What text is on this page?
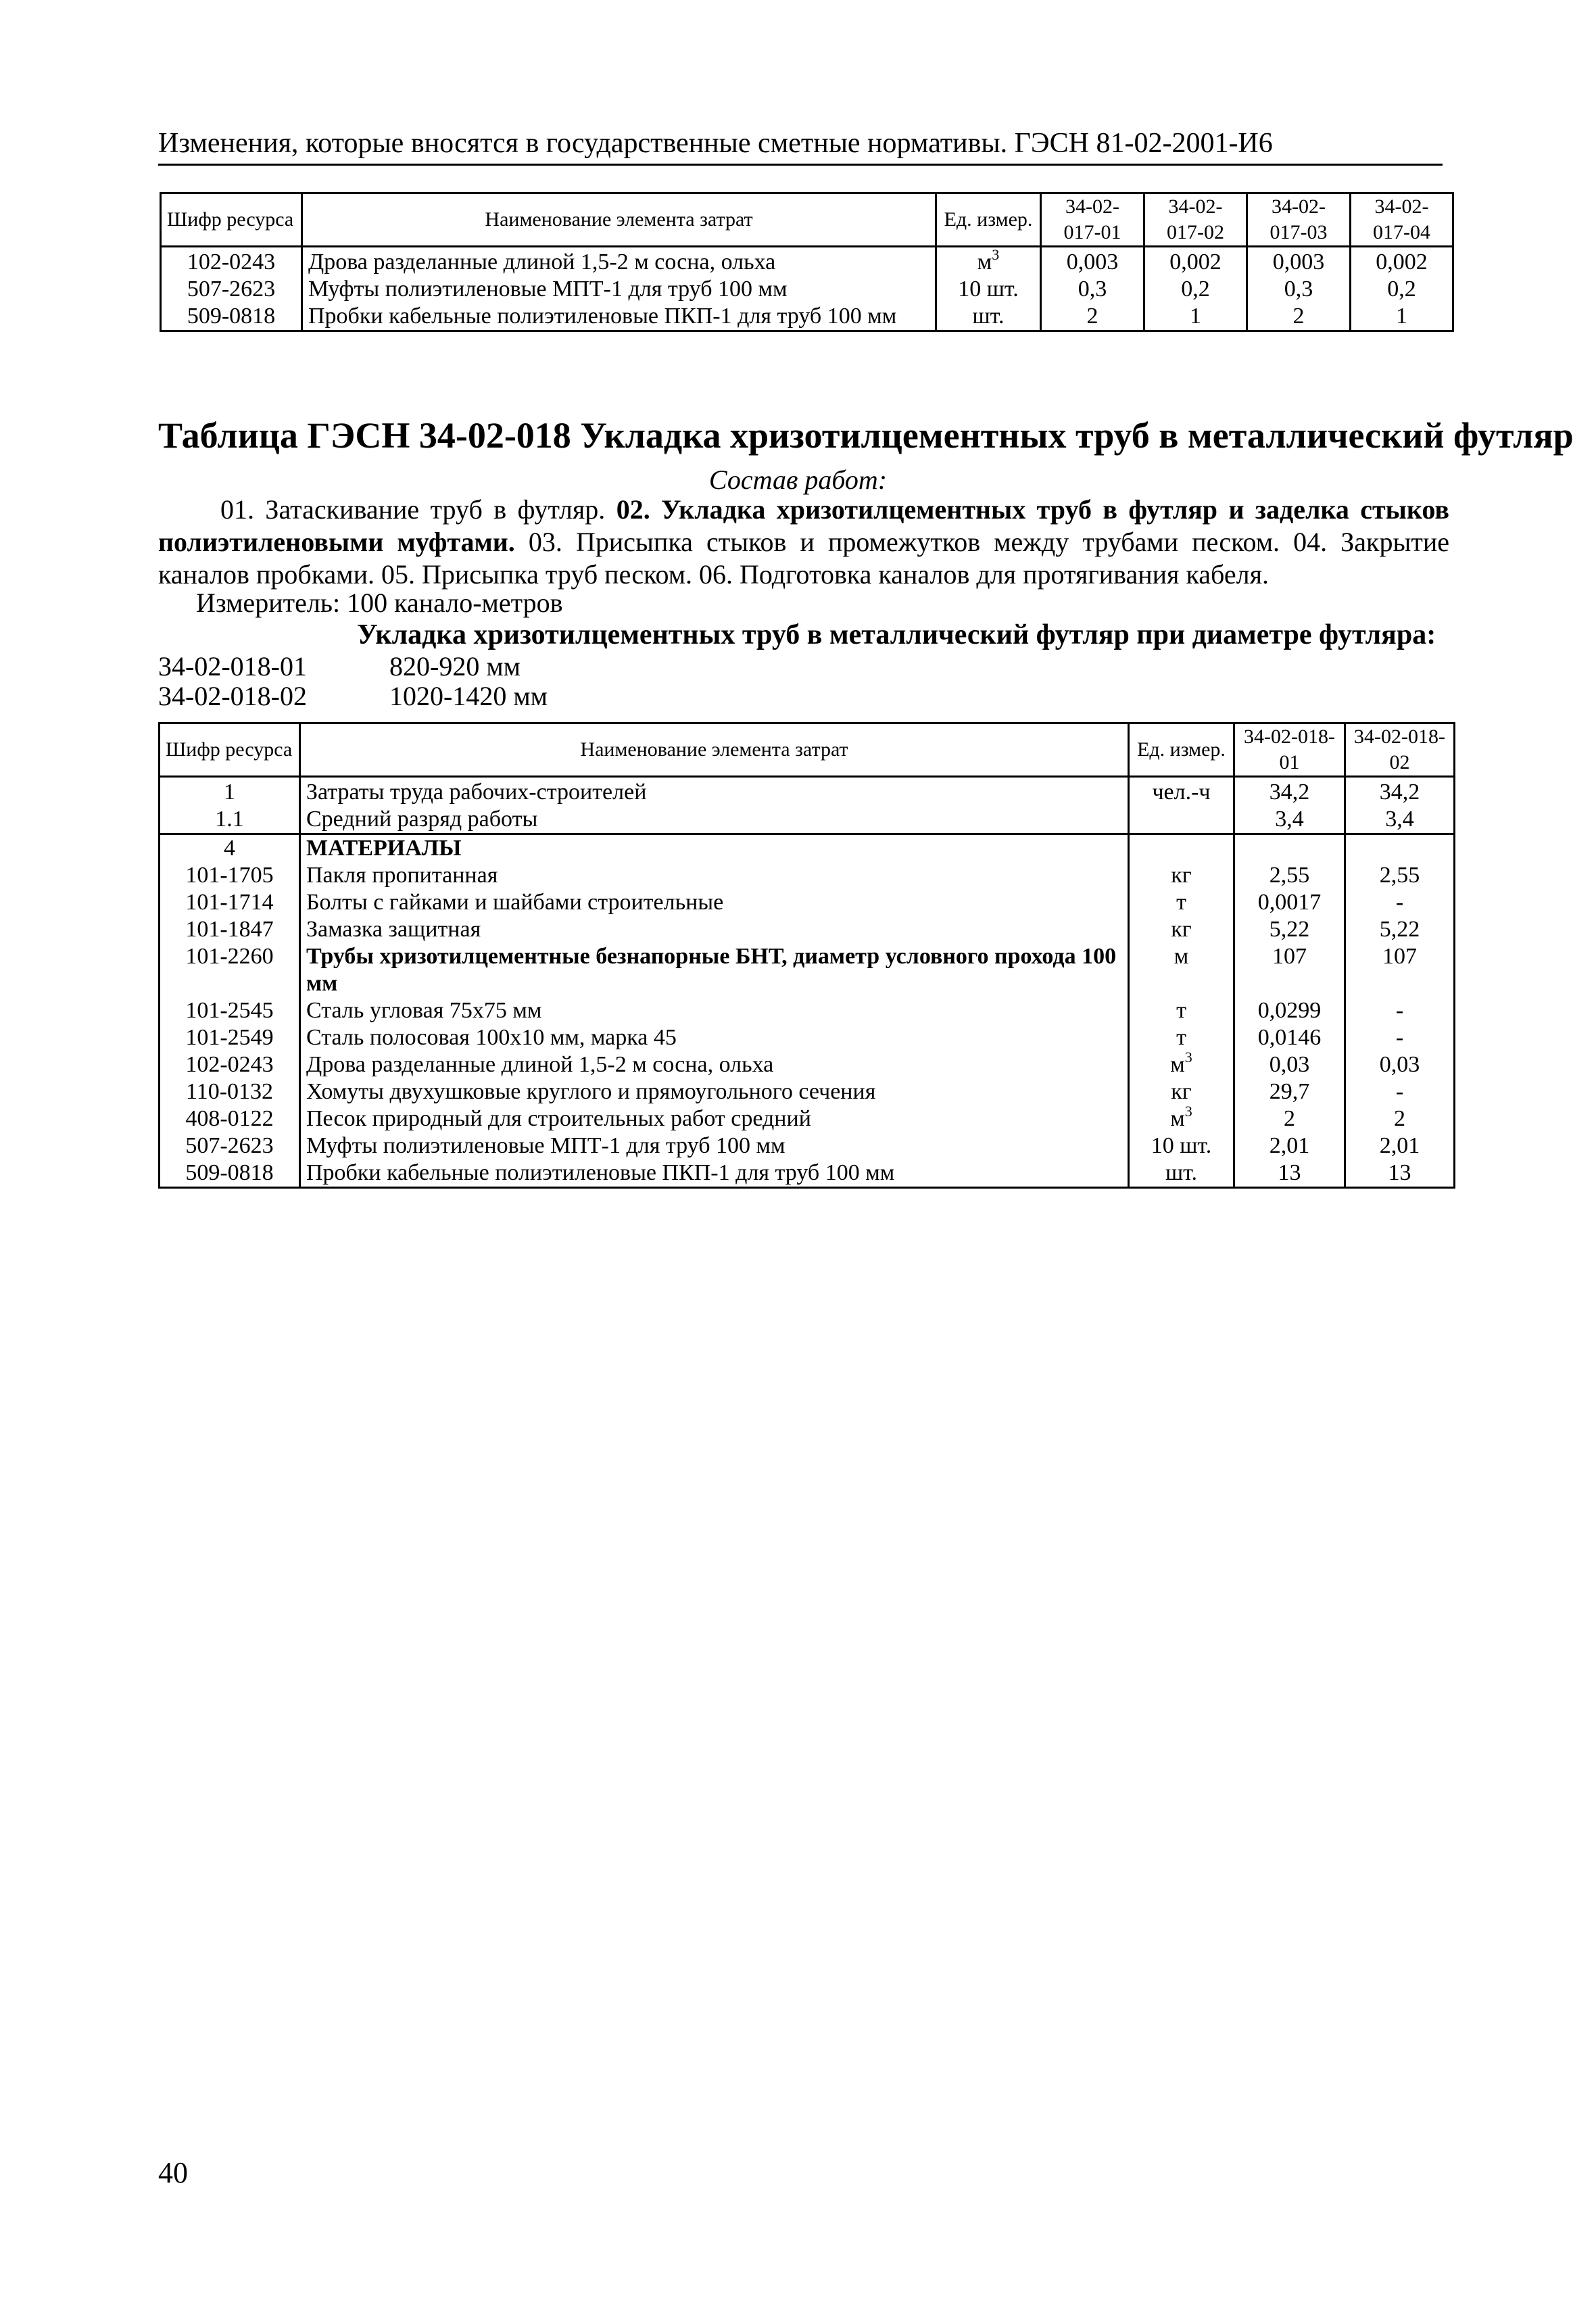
Изменения, которые вносятся в государственные сметные нормативы. ГЭСН 81-02-2001-И6
Шифр ресурса	Наименование элемента затрат	Ед. измер.	34-02-017-01	34-02-017-02	34-02-017-03	34-02-017-04
102-0243	Дрова разделанные длиной 1,5-2 м сосна, ольха	$м^3$	0,003	0,002	0,003	0,002
507-2623	Муфты полиэтиленовые МПТ-1 для труб 100 мм	10 шт.	0,3	0,2	0,3	0,2
509-0818	Пробки кабельные полиэтиленовые ПКП-1 для труб 100 мм	шт.	2	1	2	1
Таблица ГЭСН 34-02-018 Укладка хризотилцементных труб в металлический футляр
Состав работ:
01. Затаскивание труб в футляр. 02. Укладка хризотилцементных труб в футляр и заделка стыков полиэтиленовыми муфтами. 03. Присыпка стыков и промежутков между трубами песком. 04. Закрытие каналов пробками. 05. Присыпка труб песком. 06. Подготовка каналов для протягивания кабеля.
Измеритель: 100 канало-метров
Укладка хризотилцементных труб в металлический футляр при диаметре футляра:
34-02-018-01	820-920 мм
34-02-018-02	1020-1420 мм
Шифр ресурса	Наименование элемента затрат	Ед. измер.	34-02-018-01	34-02-018-02
1	Затраты труда рабочих-строителей	чел.-ч	34,2	34,2
1.1	Средний разряд работы		3,4	3,4
4	МАТЕРИАЛЫ			
101-1705	Пакля пропитанная	кг	2,55	2,55
101-1714	Болты с гайками и шайбами строительные	т	0,0017	-
101-1847	Замазка защитная	кг	5,22	5,22
101-2260	Трубы хризотилцементные безнапорные БНТ, диаметр условного прохода 100 мм	м	107	107
101-2545	Сталь угловая 75х75 мм	т	0,0299	-
101-2549	Сталь полосовая 100х10 мм, марка 45	т	0,0146	-
102-0243	Дрова разделанные длиной 1,5-2 м сосна, ольха	$м^3$	0,03	0,03
110-0132	Хомуты двухушковые круглого и прямоугольного сечения	кг	29,7	-
408-0122	Песок природный для строительных работ средний	$м^3$	2	2
507-2623	Муфты полиэтиленовые МПТ-1 для труб 100 мм	10 шт.	2,01	2,01
509-0818	Пробки кабельные полиэтиленовые ПКП-1 для труб 100 мм	шт.	13	13
40
